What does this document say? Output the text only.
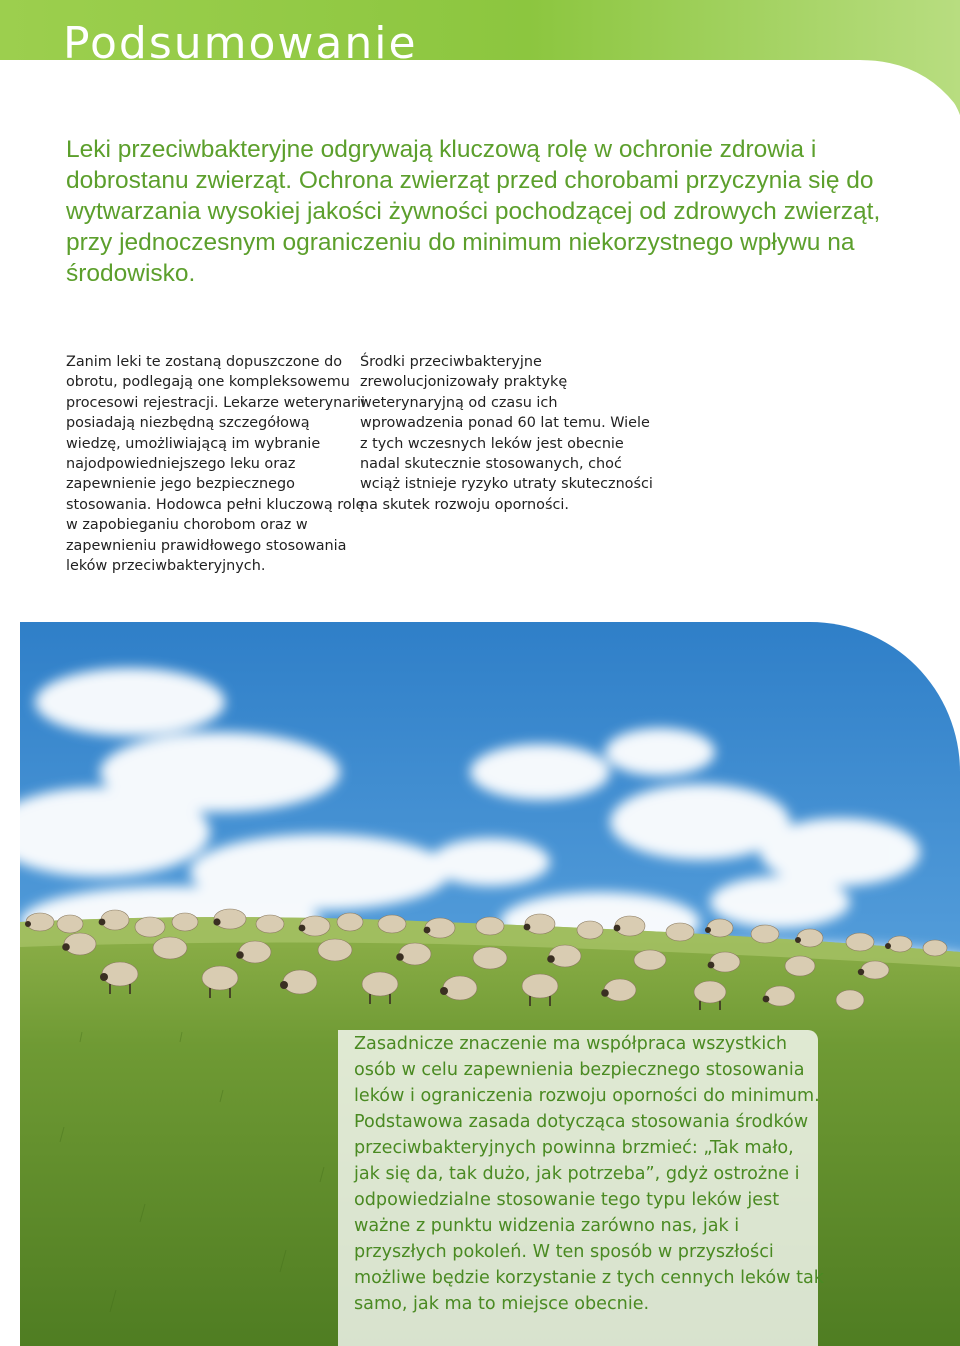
Podsumowanie

Leki przeciwbakteryjne odgrywają kluczową rolę w ochronie zdrowia i dobrostanu zwierząt. Ochrona zwierząt przed chorobami przyczynia się do wytwarzania wysokiej jakości żywności pochodzącej od zdrowych zwierząt, przy jednoczesnym ograniczeniu do minimum niekorzystnego wpływu na środowisko.

Zanim leki te zostaną dopuszczone do obrotu, podlegają one kompleksowemu procesowi rejestracji. Lekarze weterynarii posiadają niezbędną szczegółową wiedzę, umożliwiającą im wybranie najodpowiedniejszego leku oraz zapewnienie jego bezpiecznego stosowania. Hodowca pełni kluczową rolę w zapobieganiu chorobom oraz w zapewnieniu prawidłowego stosowania leków przeciwbakteryjnych.

Środki przeciwbakteryjne zrewolucjonizowały praktykę weterynaryjną od czasu ich wprowadzenia ponad 60 lat temu. Wiele z tych wczesnych leków jest obecnie nadal skutecznie stosowanych, choć wciąż istnieje ryzyko utraty skuteczności na skutek rozwoju oporności.

Zasadnicze znaczenie ma współpraca wszystkich osób w celu zapewnienia bezpiecznego stosowania leków i ograniczenia rozwoju oporności do minimum. Podstawowa zasada dotycząca stosowania środków przeciwbakteryjnych powinna brzmieć: „Tak mało, jak się da, tak dużo, jak potrzeba”, gdyż ostrożne i odpowiedzialne stosowanie tego typu leków jest ważne z punktu widzenia zarówno nas, jak i przyszłych pokoleń. W ten sposób w przyszłości możliwe będzie korzystanie z tych cennych leków tak samo, jak ma to miejsce obecnie.
